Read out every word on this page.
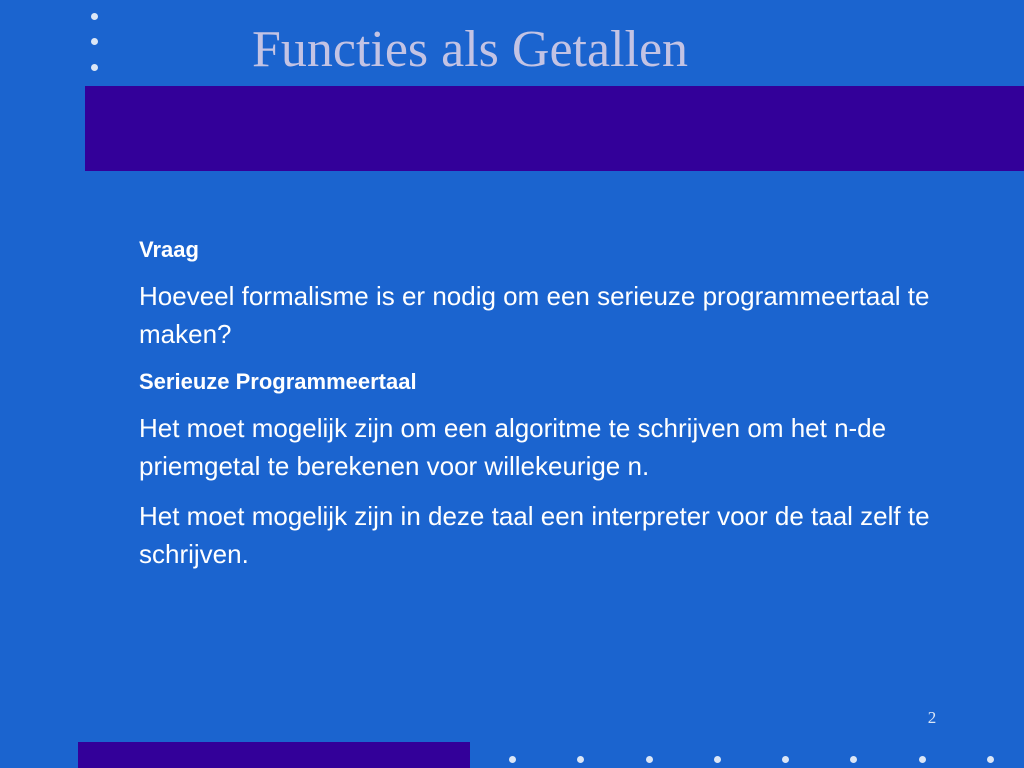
Functies als Getallen

Vraag

Hoeveel formalisme is er nodig om een serieuze programmeertaal te maken?

Serieuze Programmeertaal

Het moet mogelijk zijn om een algoritme te schrijven om het n-de priemgetal te berekenen voor willekeurige n.

Het moet mogelijk zijn in deze taal een interpreter voor de taal zelf te schrijven.

2
